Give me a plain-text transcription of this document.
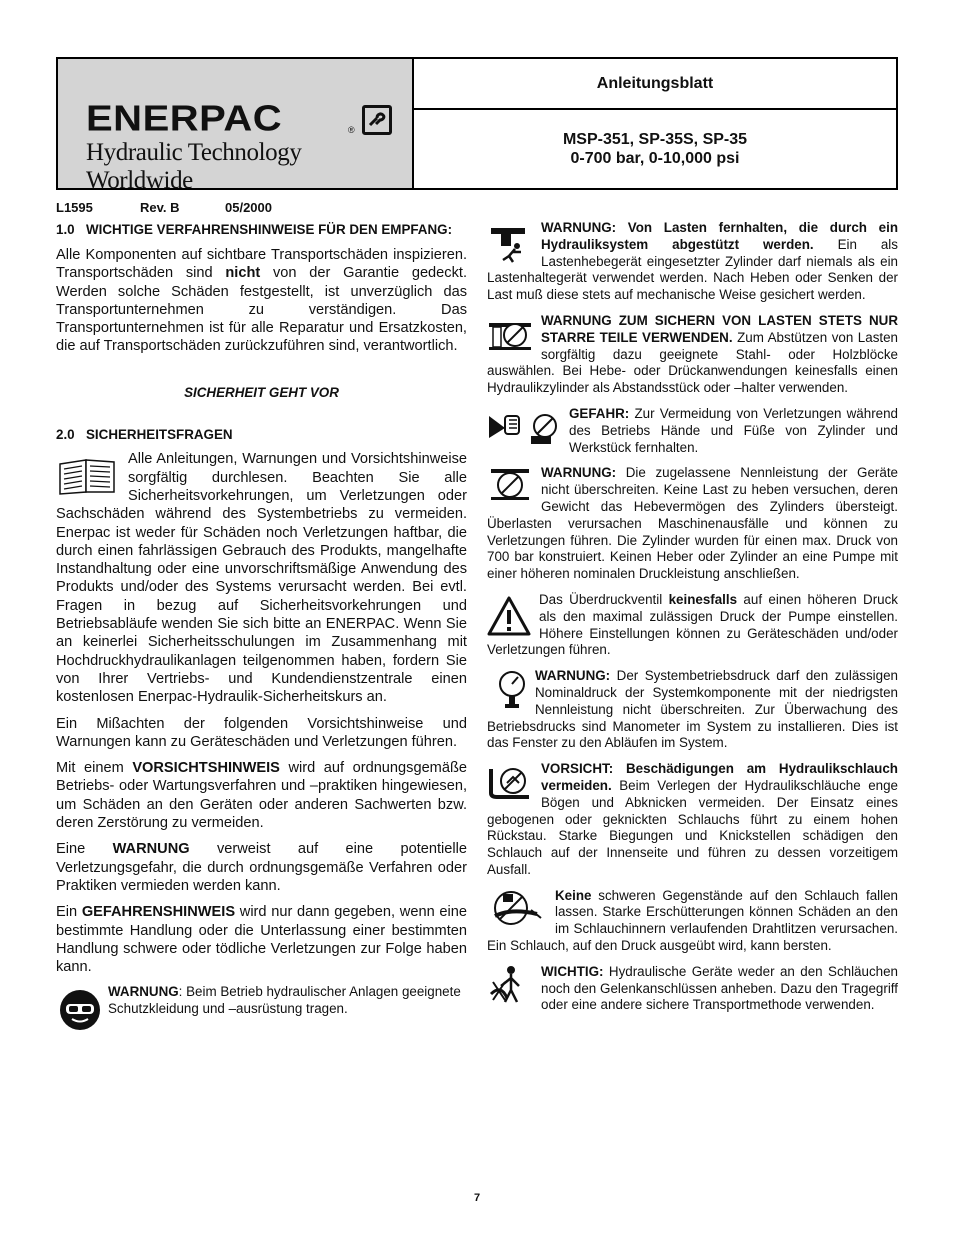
ENERPAC	®
Hydraulic Technology Worldwide
Anleitungsblatt
MSP-351, SP-35S, SP-35
0-700 bar, 0-10,000 psi
L1595	Rev. B	05/2000
1.0 WICHTIGE VERFAHRENSHINWEISE FÜR DEN EMPFANG:

Alle Komponenten auf sichtbare Transportschäden inspizieren. Transportschäden sind nicht von der Garantie gedeckt. Werden solche Schäden festgestellt, ist unverzüglich das Transportunternehmen zu verständigen. Das Transportunternehmen ist für alle Reparatur und Ersatzkosten, die auf Transportschäden zurückzuführen sind, verantwortlich.

SICHERHEIT GEHT VOR
2.0 SICHERHEITSFRAGEN

Alle Anleitungen, Warnungen und Vorsichtshinweise sorgfältig durchlesen. Beachten Sie alle Sicherheitsvorkehrungen, um Verletzungen oder Sachschäden während des Systembetriebs zu vermeiden. Enerpac ist weder für Schäden noch Verletzungen haftbar, die durch einen fahrlässigen Gebrauch des Produkts, mangelhafte Instandhaltung oder eine unvorschriftsmäßige Anwendung des Produkts und/oder des Systems verursacht werden. Bei evtl. Fragen in bezug auf Sicherheitsvorkehrungen und Betriebsabläufe wenden Sie sich bitte an ENERPAC. Wenn Sie an keinerlei Sicherheitsschulungen im Zusammenhang mit Hochdruckhydraulikanlagen teilgenommen haben, fordern Sie von Ihrer Vertriebs- und Kundendienstzentrale einen kostenlosen Enerpac-Hydraulik-Sicherheitskurs an.

Ein Mißachten der folgenden Vorsichtshinweise und Warnungen kann zu Geräteschäden und Verletzungen führen.

Mit einem VORSICHTSHINWEIS wird auf ordnungsgemäße Betriebs- oder Wartungsverfahren und –praktiken hingewiesen, um Schäden an den Geräten oder anderen Sachwerten bzw. deren Zerstörung zu vermeiden.

Eine WARNUNG verweist auf eine potentielle Verletzungsgefahr, die durch ordnungsgemäße Verfahren oder Praktiken vermieden werden kann.

Ein GEFAHRENSHINWEIS wird nur dann gegeben, wenn eine bestimmte Handlung oder die Unterlassung einer bestimmten Handlung schwere oder tödliche Verletzungen zur Folge haben kann.

WARNUNG: Beim Betrieb hydraulischer Anlagen geeignete Schutzkleidung und –ausrüstung tragen.
WARNUNG: Von Lasten fernhalten, die durch ein Hydrauliksystem abgestützt werden. Ein als Lastenhebegerät eingesetzter Zylinder darf niemals als ein Lastenhaltegerät verwendet werden. Nach Heben oder Senken der Last muß diese stets auf mechanische Weise gesichert werden.
WARNUNG ZUM SICHERN VON LASTEN STETS NUR STARRE TEILE VERWENDEN. Zum Abstützen von Lasten sorgfältig dazu geeignete Stahl- oder Holzblöcke auswählen. Bei Hebe- oder Drückanwendungen keinesfalls einen Hydraulikzylinder als Abstandsstück oder –halter verwenden.
GEFAHR: Zur Vermeidung von Verletzungen während des Betriebs Hände und Füße von Zylinder und Werkstück fernhalten.
WARNUNG: Die zugelassene Nennleistung der Geräte nicht überschreiten. Keine Last zu heben versuchen, deren Gewicht das Hebevermögen des Zylinders übersteigt. Überlasten verursachen Maschinenausfälle und können zu Verletzungen führen. Die Zylinder wurden für einen max. Druck von 700 bar konstruiert. Keinen Heber oder Zylinder an eine Pumpe mit einer höheren nominalen Druckleistung anschließen.
Das Überdruckventil keinesfalls auf einen höheren Druck als den maximal zulässigen Druck der Pumpe einstellen. Höhere Einstellungen können zu Geräteschäden und/oder Verletzungen führen.
WARNUNG: Der Systembetriebsdruck darf den zulässigen Nominaldruck der Systemkomponente mit der niedrigsten Nennleistung nicht überschreiten. Zur Überwachung des Betriebsdrucks sind Manometer im System zu installieren. Dies ist das Fenster zu den Abläufen im System.
VORSICHT: Beschädigungen am Hydraulikschlauch vermeiden. Beim Verlegen der Hydraulikschläuche enge Bögen und Abknicken vermeiden. Der Einsatz eines gebogenen oder geknickten Schlauchs führt zu einem hohen Rückstau. Starke Biegungen und Knickstellen schädigen den Schlauch auf der Innenseite und führen zu dessen vorzeitigem Ausfall.
Keine schweren Gegenstände auf den Schlauch fallen lassen. Starke Erschütterungen können Schäden an den im Schlauchinnern verlaufenden Drahtlitzen verursachen. Ein Schlauch, auf den Druck ausgeübt wird, kann bersten.
WICHTIG: Hydraulische Geräte weder an den Schläuchen noch den Gelenkanschlüssen anheben. Dazu den Tragegriff oder eine andere sichere Transportmethode verwenden.
7
